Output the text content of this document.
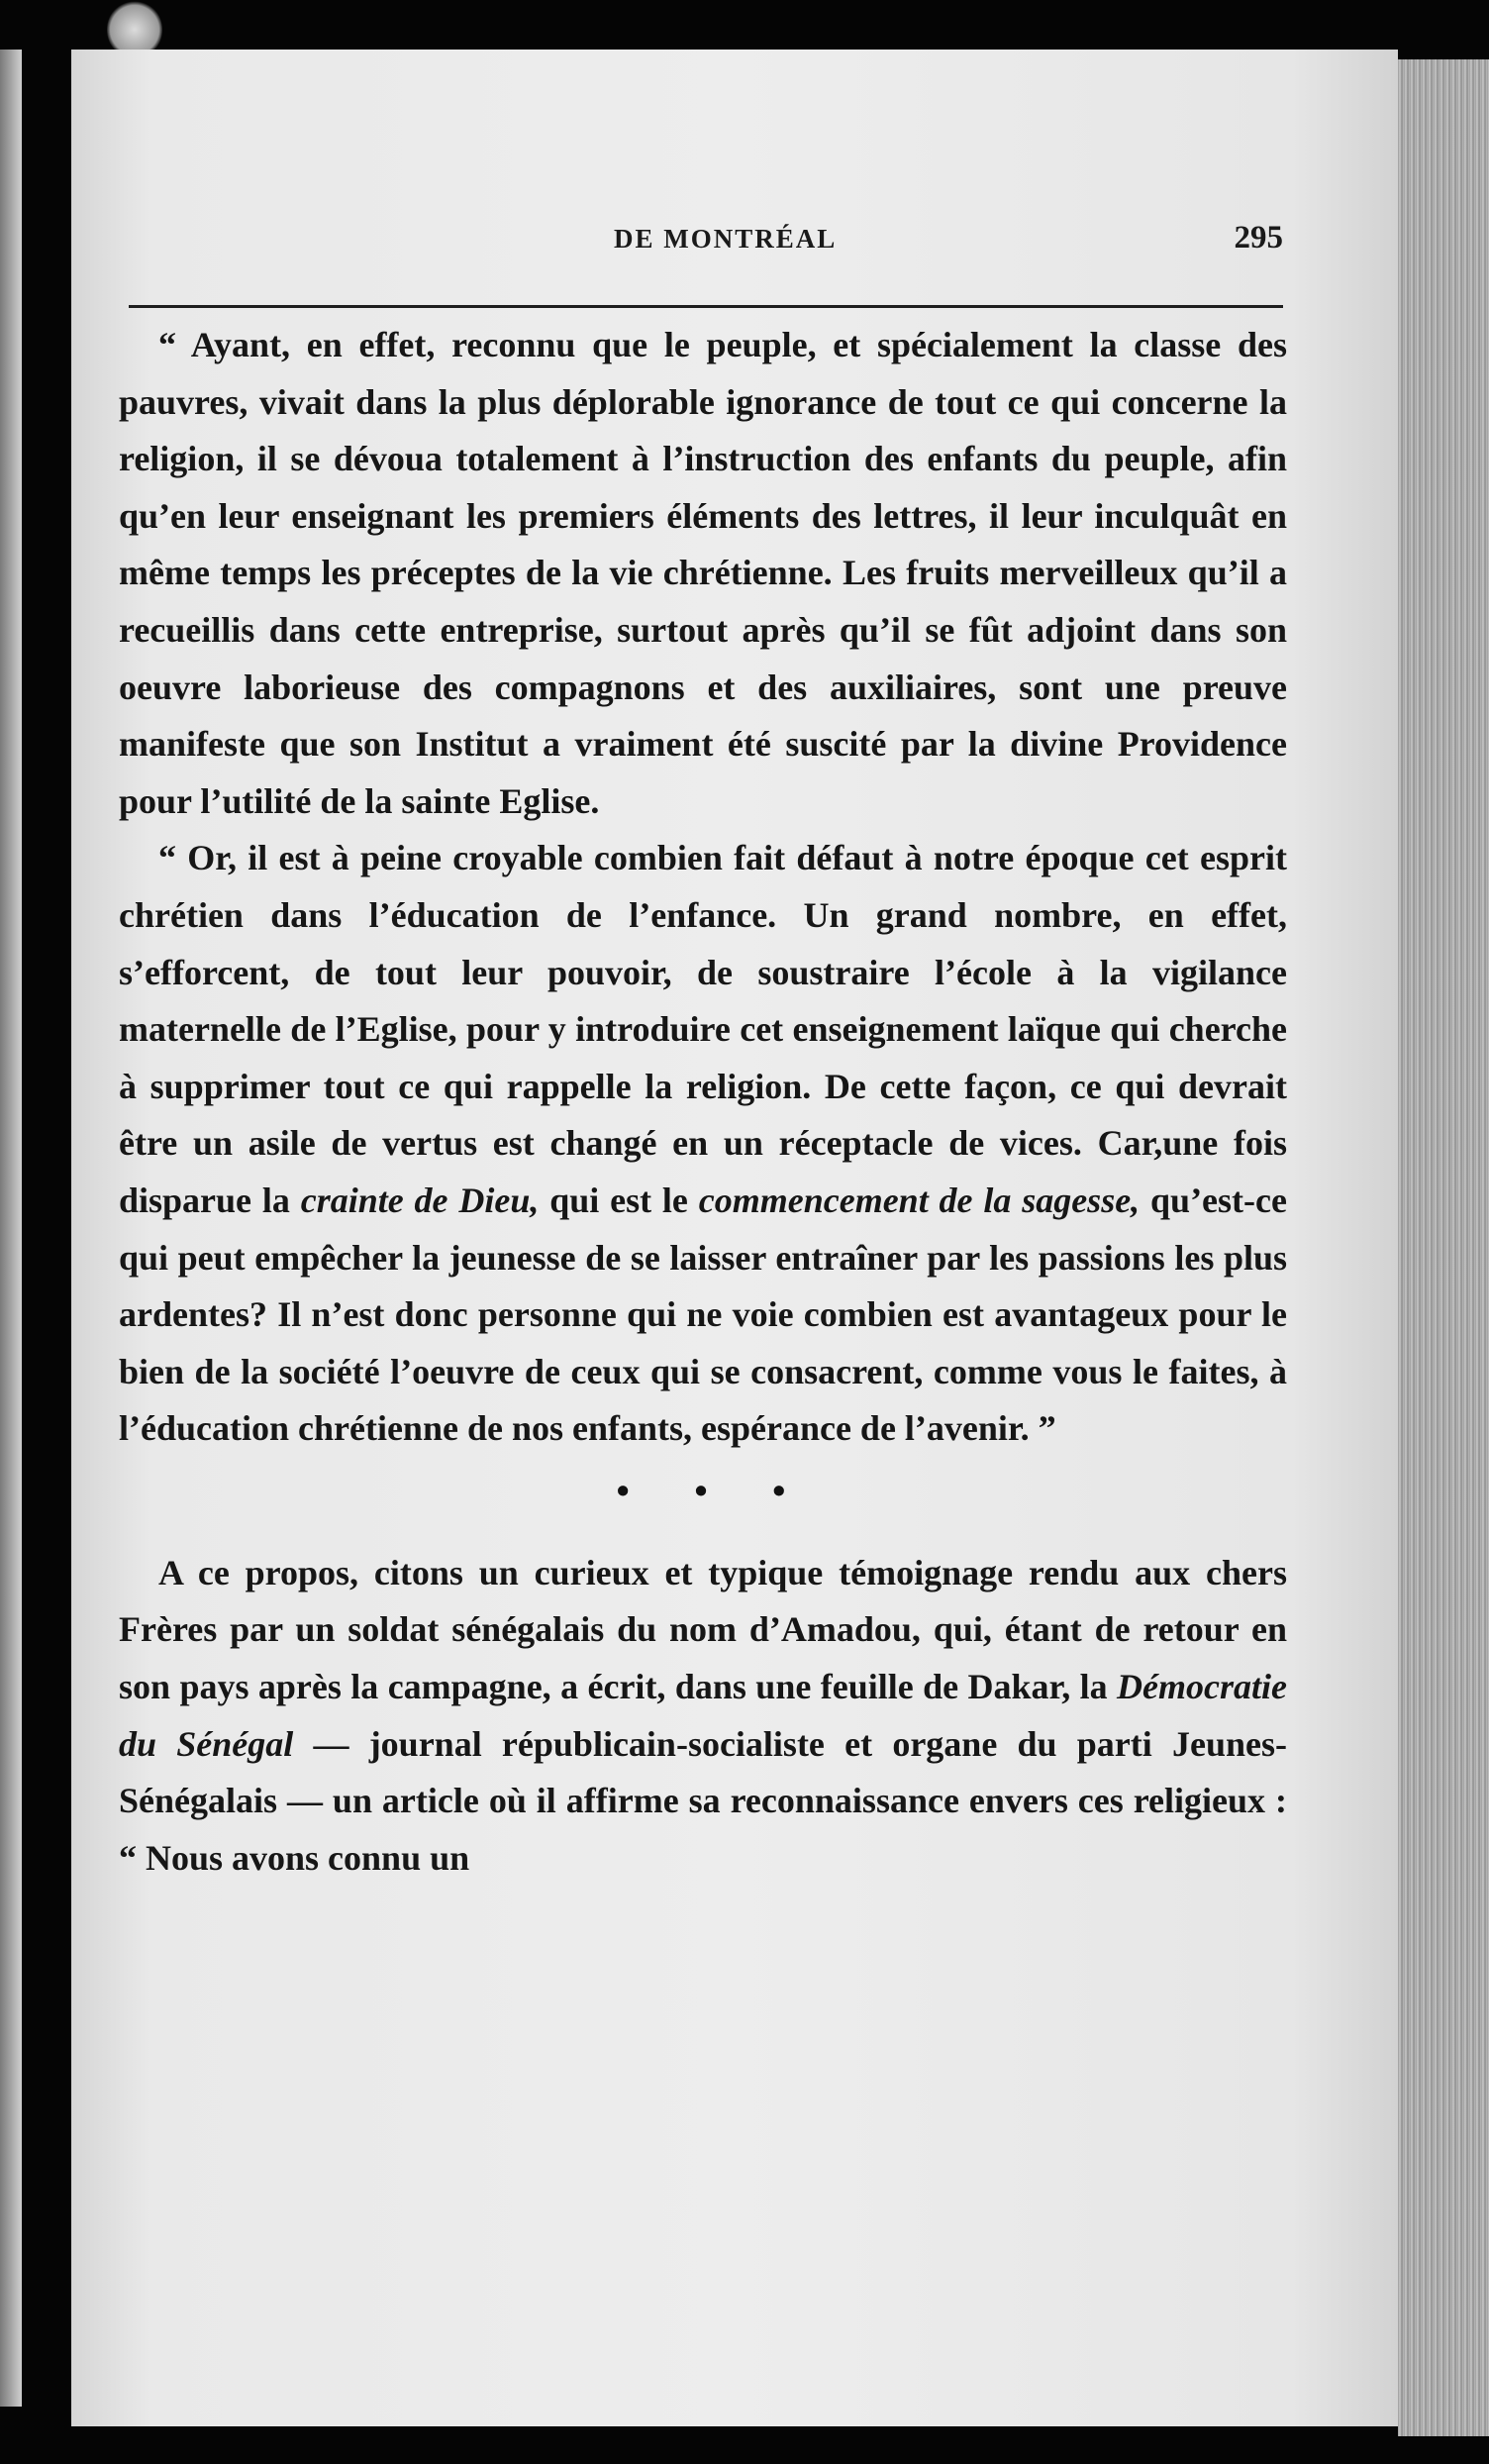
DE MONTRÉAL	295

“ Ayant, en effet, reconnu que le peuple, et spécialement la classe des pauvres, vivait dans la plus déplorable ignorance de tout ce qui concerne la religion, il se dévoua totalement à l’instruction des enfants du peuple, afin qu’en leur enseignant les premiers éléments des lettres, il leur inculquât en même temps les préceptes de la vie chrétienne. Les fruits merveilleux qu’il a recueillis dans cette entreprise, surtout après qu’il se fût adjoint dans son oeuvre laborieuse des compagnons et des auxiliaires, sont une preuve manifeste que son Institut a vraiment été suscité par la divine Providence pour l’utilité de la sainte Eglise.

“ Or, il est à peine croyable combien fait défaut à notre époque cet esprit chrétien dans l’éducation de l’enfance. Un grand nombre, en effet, s’efforcent, de tout leur pouvoir, de soustraire l’école à la vigilance maternelle de l’Eglise, pour y introduire cet enseignement laïque qui cherche à supprimer tout ce qui rappelle la religion. De cette façon, ce qui devrait être un asile de vertus est changé en un réceptacle de vices. Car,une fois disparue la crainte de Dieu, qui est le commencement de la sagesse, qu’est-ce qui peut empêcher la jeunesse de se laisser entraîner par les passions les plus ardentes? Il n’est donc personne qui ne voie combien est avantageux pour le bien de la société l’oeuvre de ceux qui se consacrent, comme vous le faites, à l’éducation chrétienne de nos enfants, espérance de l’avenir. ”

• • •

A ce propos, citons un curieux et typique témoignage rendu aux chers Frères par un soldat sénégalais du nom d’Amadou, qui, étant de retour en son pays après la campagne, a écrit, dans une feuille de Dakar, la Démocratie du Sénégal — journal républicain-socialiste et organe du parti Jeunes-Sénégalais — un article où il affirme sa reconnaissance envers ces religieux : “ Nous avons connu un
